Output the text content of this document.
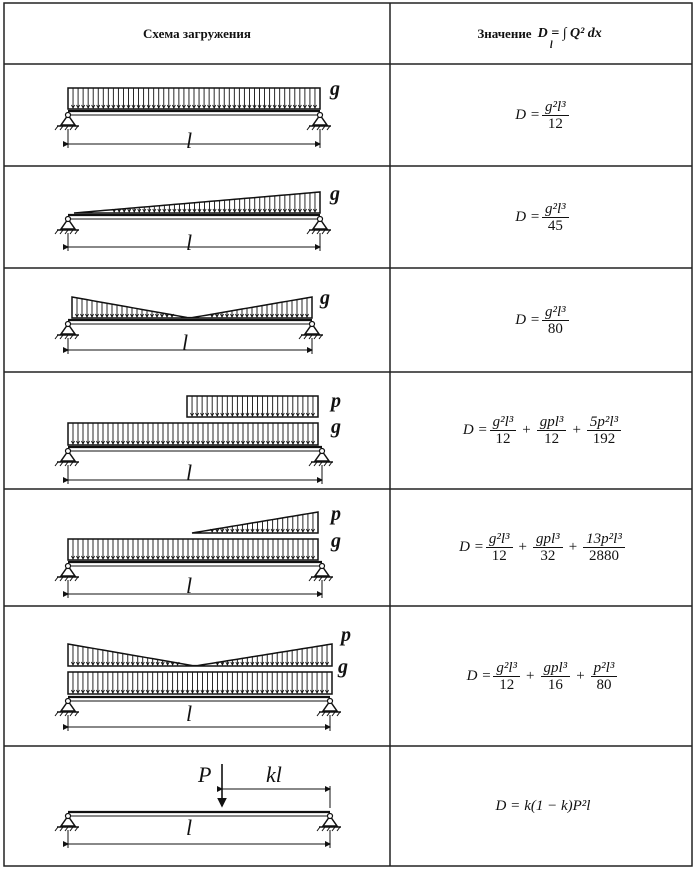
Схема загружения	Значение D = ∫ Q² dx
l
g
l
g
l
g
l
p
g
l
p
g
l
p
g
l
P kl
l
$D = \frac{\text{g²l³}}{12}$
$D = \frac{\text{g²l³}}{45}$
$D = \frac{\text{g²l³}}{80}$
$D = \frac{\text{g²l³}}{12} + \frac{\text{gpl³}}{12} + \frac{\text{5p²l³}}{192}$
$D = \frac{\text{g²l³}}{12} + \frac{\text{gpl³}}{32} + \frac{\text{13p²l³}}{2880}$
$D = \frac{\text{g²l³}}{12} + \frac{\text{gpl³}}{16} + \frac{\text{p²l³}}{80}$
D = k(1 − k)P²l
